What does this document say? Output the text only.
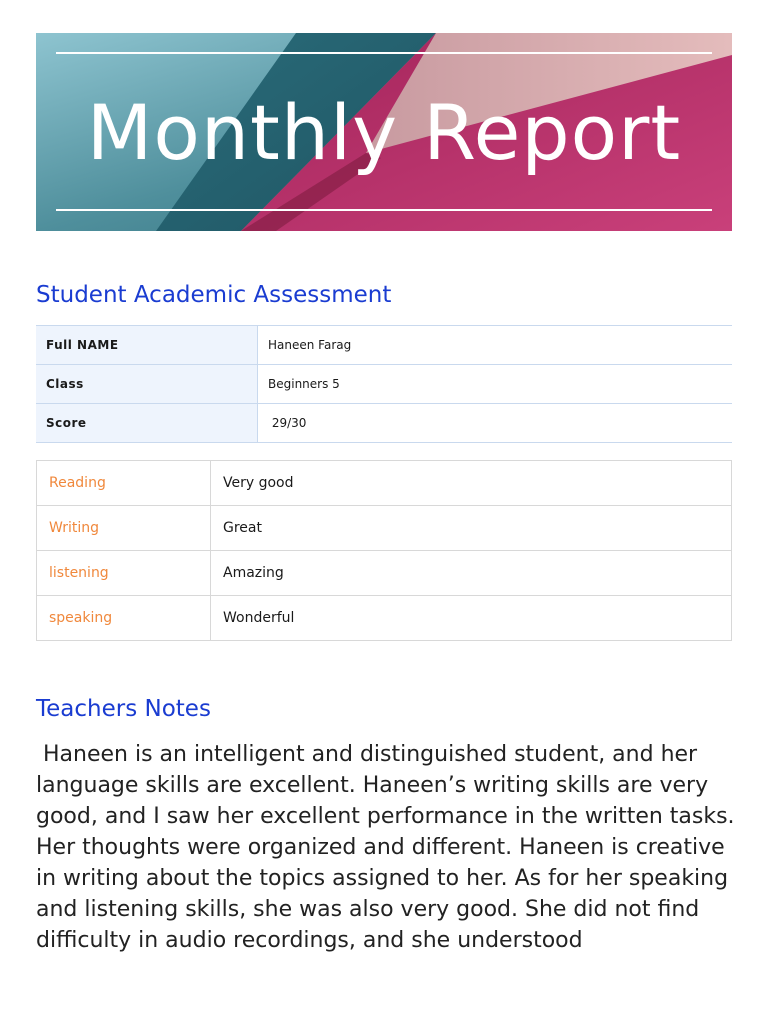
Monthly Report
Student Academic Assessment
Full NAME	Haneen Farag
Class	Beginners 5
Score	29/30
Reading	Very good
Writing	Great
listening	Amazing
speaking	Wonderful
Teachers Notes

Haneen is an intelligent and distinguished student, and her language skills are excellent. Haneen’s writing skills are very good, and I saw her excellent performance in the written tasks. Her thoughts were organized and different. Haneen is creative in writing about the topics assigned to her. As for her speaking and listening skills, she was also very good. She did not find difficulty in audio recordings, and she understood
